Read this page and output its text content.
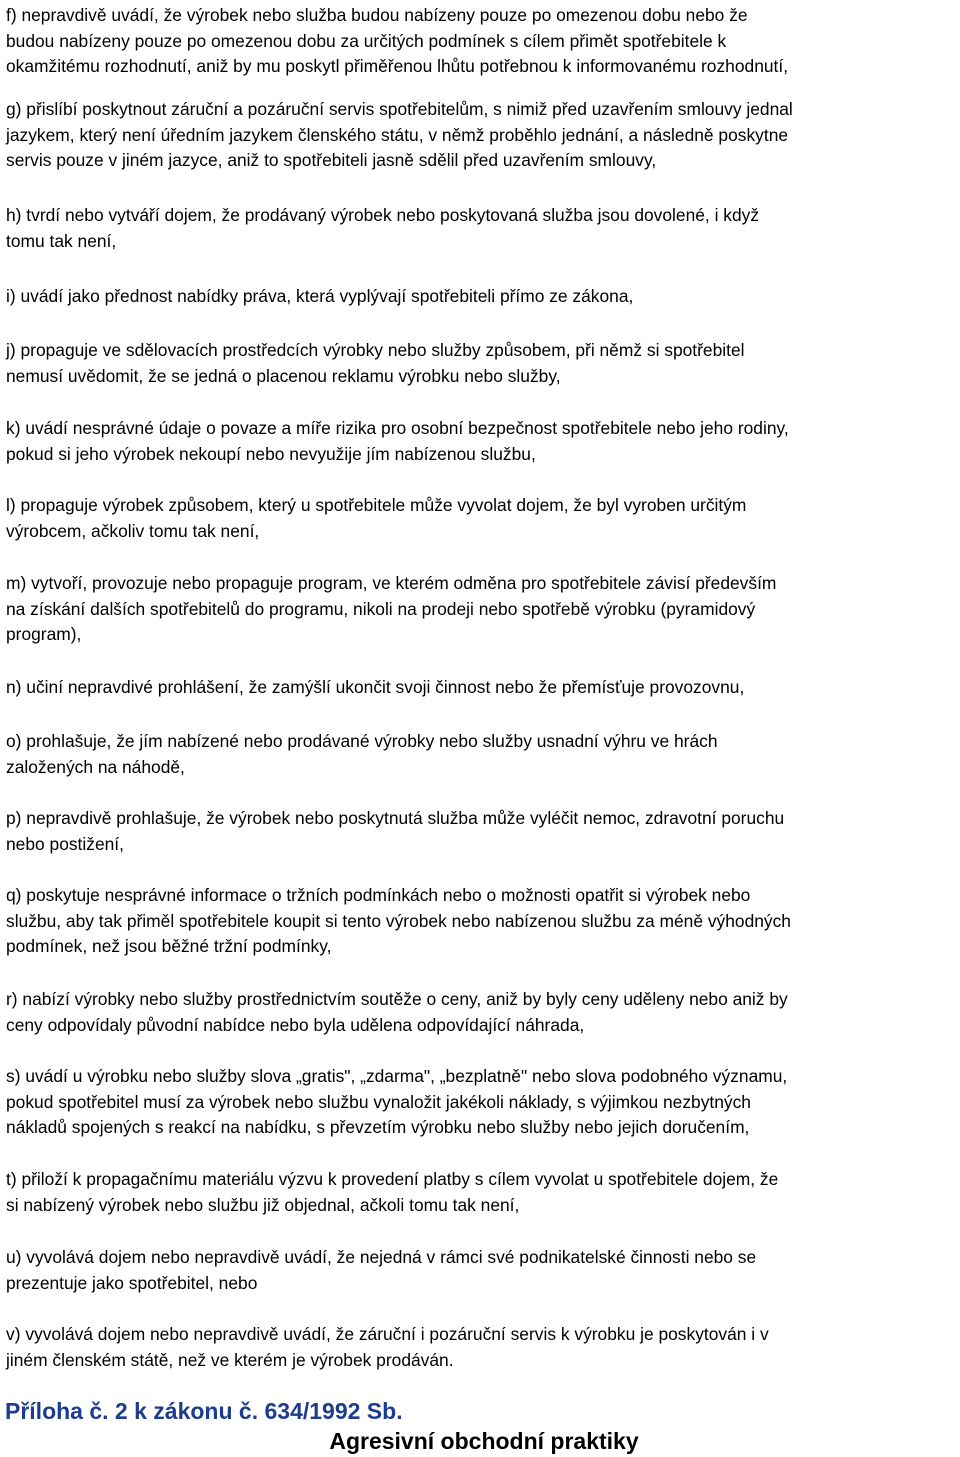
f) nepravdivě uvádí, že výrobek nebo služba budou nabízeny pouze po omezenou dobu nebo že
budou nabízeny pouze po omezenou dobu za určitých podmínek s cílem přimět spotřebitele k
okamžitému rozhodnutí, aniž by mu poskytl přiměřenou lhůtu potřebnou k informovanému rozhodnutí,

g) přislíbí poskytnout záruční a pozáruční servis spotřebitelům, s nimiž před uzavřením smlouvy jednal
jazykem, který není úředním jazykem členského státu, v němž proběhlo jednání, a následně poskytne
servis pouze v jiném jazyce, aniž to spotřebiteli jasně sdělil před uzavřením smlouvy,

h) tvrdí nebo vytváří dojem, že prodávaný výrobek nebo poskytovaná služba jsou dovolené, i když
tomu tak není,

i) uvádí jako přednost nabídky práva, která vyplývají spotřebiteli přímo ze zákona,

j) propaguje ve sdělovacích prostředcích výrobky nebo služby způsobem, při němž si spotřebitel
nemusí uvědomit, že se jedná o placenou reklamu výrobku nebo služby,

k) uvádí nesprávné údaje o povaze a míře rizika pro osobní bezpečnost spotřebitele nebo jeho rodiny,
pokud si jeho výrobek nekoupí nebo nevyužije jím nabízenou službu,

l) propaguje výrobek způsobem, který u spotřebitele může vyvolat dojem, že byl vyroben určitým
výrobcem, ačkoliv tomu tak není,

m) vytvoří, provozuje nebo propaguje program, ve kterém odměna pro spotřebitele závisí především
na získání dalších spotřebitelů do programu, nikoli na prodeji nebo spotřebě výrobku (pyramidový
program),

n) učiní nepravdivé prohlášení, že zamýšlí ukončit svoji činnost nebo že přemísťuje provozovnu,

o) prohlašuje, že jím nabízené nebo prodávané výrobky nebo služby usnadní výhru ve hrách
založených na náhodě,

p) nepravdivě prohlašuje, že výrobek nebo poskytnutá služba může vyléčit nemoc, zdravotní poruchu
nebo postižení,

q) poskytuje nesprávné informace o tržních podmínkách nebo o možnosti opatřit si výrobek nebo
službu, aby tak přiměl spotřebitele koupit si tento výrobek nebo nabízenou službu za méně výhodných
podmínek, než jsou běžné tržní podmínky,

r) nabízí výrobky nebo služby prostřednictvím soutěže o ceny, aniž by byly ceny uděleny nebo aniž by
ceny odpovídaly původní nabídce nebo byla udělena odpovídající náhrada,

s) uvádí u výrobku nebo služby slova „gratis", „zdarma", „bezplatně" nebo slova podobného významu,
pokud spotřebitel musí za výrobek nebo službu vynaložit jakékoli náklady, s výjimkou nezbytných
nákladů spojených s reakcí na nabídku, s převzetím výrobku nebo služby nebo jejich doručením,

t) přiloží k propagačnímu materiálu výzvu k provedení platby s cílem vyvolat u spotřebitele dojem, že
si nabízený výrobek nebo službu již objednal, ačkoli tomu tak není,

u) vyvolává dojem nebo nepravdivě uvádí, že nejedná v rámci své podnikatelské činnosti nebo se
prezentuje jako spotřebitel, nebo

v) vyvolává dojem nebo nepravdivě uvádí, že záruční i pozáruční servis k výrobku je poskytován i v
jiném členském státě, než ve kterém je výrobek prodáván.

Příloha č. 2 k zákonu č. 634/1992 Sb.

Agresivní obchodní praktiky
